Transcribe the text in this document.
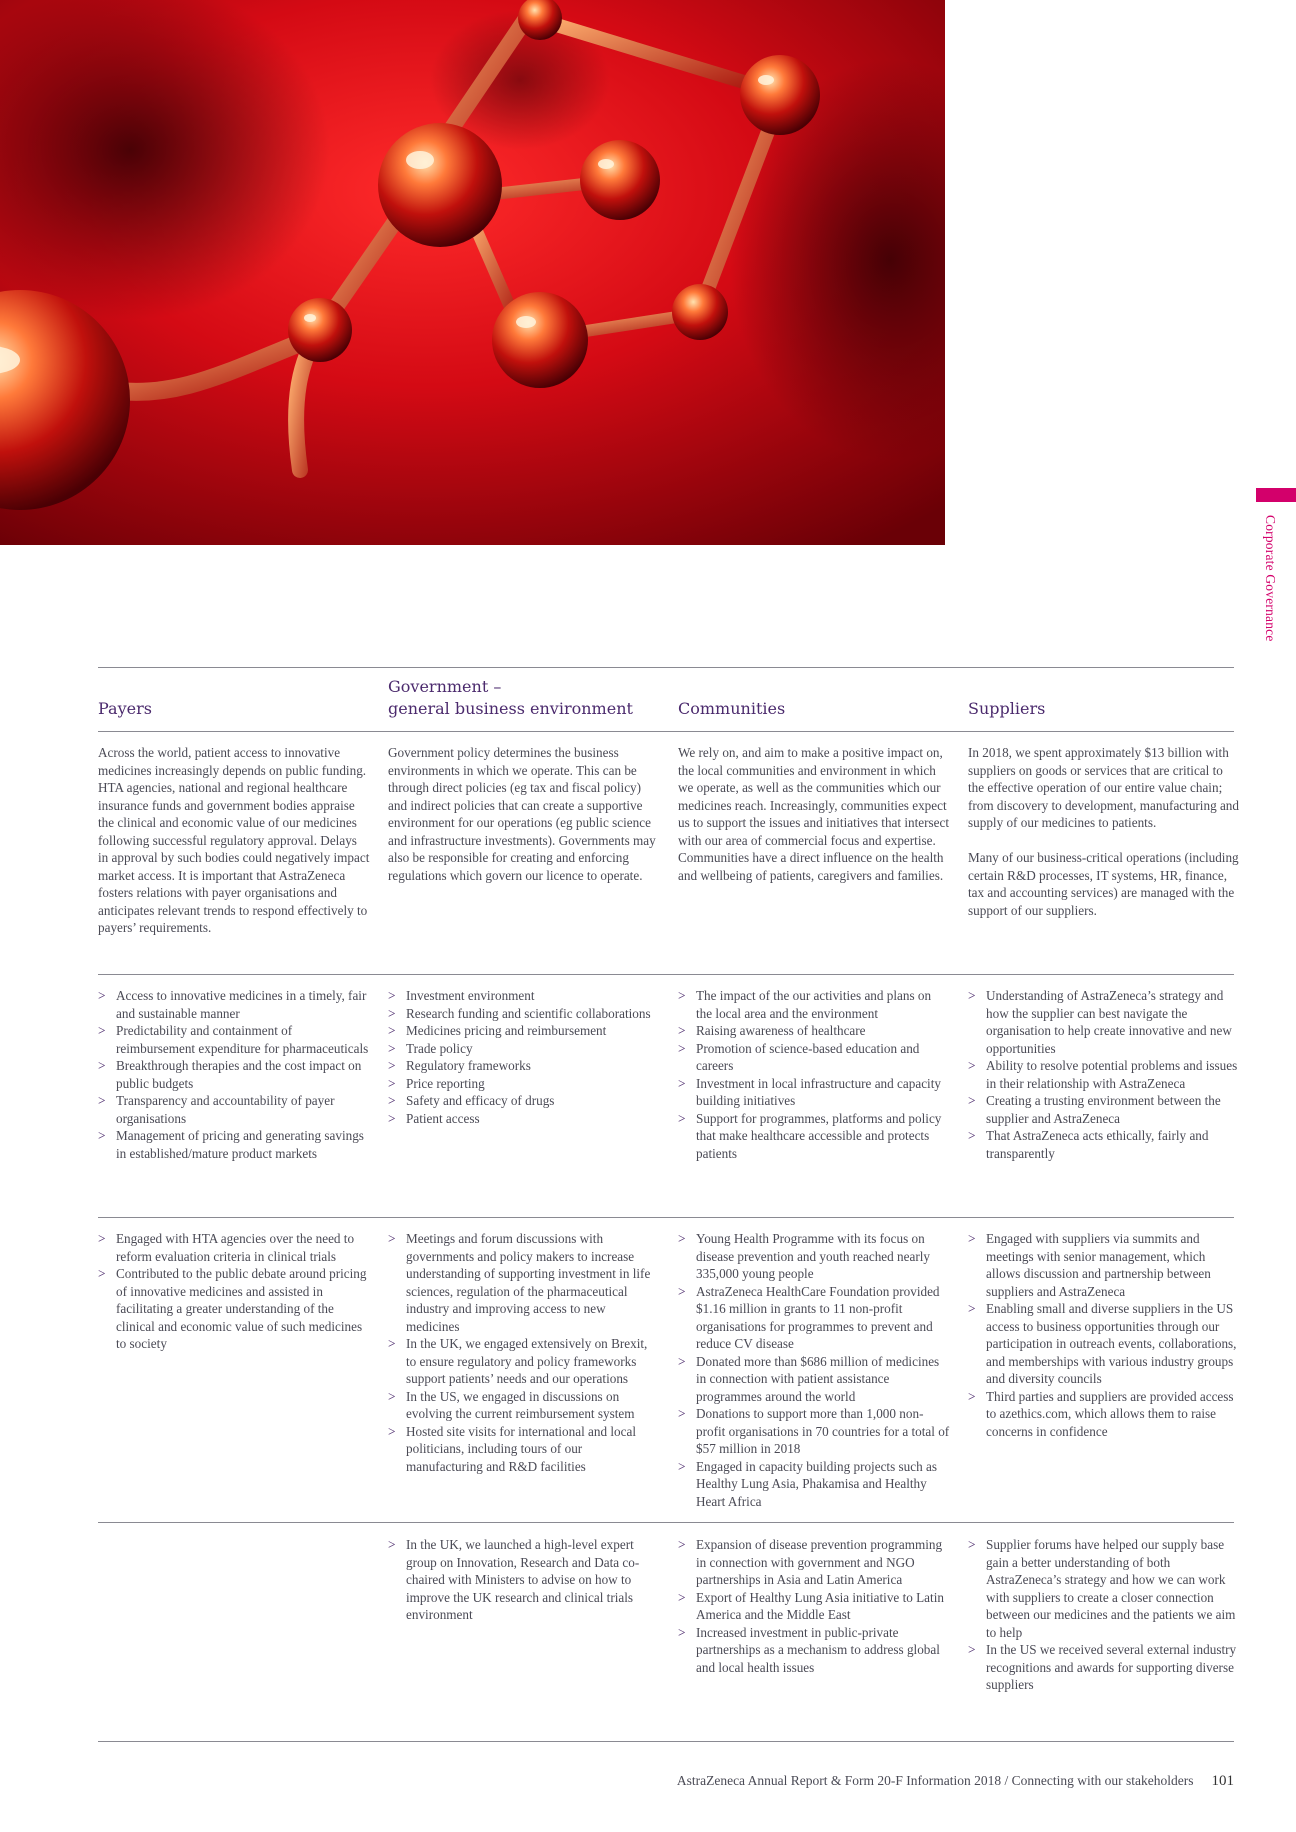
Corporate Governance
Payers
Government –
general business environment	Communities	Suppliers

Across the world, patient access to innovative medicines increasingly depends on public funding. HTA agencies, national and regional healthcare insurance funds and government bodies appraise the clinical and economic value of our medicines following successful regulatory approval. Delays in approval by such bodies could negatively impact market access. It is important that AstraZeneca fosters relations with payer organisations and anticipates relevant trends to respond effectively to payers’ requirements.

Government policy determines the business environments in which we operate. This can be through direct policies (eg tax and fiscal policy) and indirect policies that can create a supportive environment for our operations (eg public science and infrastructure investments). Governments may also be responsible for creating and enforcing regulations which govern our licence to operate.

We rely on, and aim to make a positive impact on, the local communities and environment in which we operate, as well as the communities which our medicines reach. Increasingly, communities expect us to support the issues and initiatives that intersect with our area of commercial focus and expertise. Communities have a direct influence on the health and wellbeing of patients, caregivers and families.

In 2018, we spent approximately $13 billion with suppliers on goods or services that are critical to the effective operation of our entire value chain; from discovery to development, manufacturing and supply of our medicines to patients.

Many of our business-critical operations (including certain R&D processes, IT systems, HR, finance, tax and accounting services) are managed with the support of our suppliers.

> Access to innovative medicines in a timely, fair and sustainable manner
> Predictability and containment of reimbursement expenditure for pharmaceuticals
> Breakthrough therapies and the cost impact on public budgets
> Transparency and accountability of payer organisations
> Management of pricing and generating savings in established/mature product markets
> Investment environment
> Research funding and scientific collaborations
> Medicines pricing and reimbursement
> Trade policy
> Regulatory frameworks
> Price reporting
> Safety and efficacy of drugs
> Patient access
> The impact of the our activities and plans on the local area and the environment
> Raising awareness of healthcare
> Promotion of science-based education and careers
> Investment in local infrastructure and capacity building initiatives
> Support for programmes, platforms and policy that make healthcare accessible and protects patients
> Understanding of AstraZeneca’s strategy and how the supplier can best navigate the organisation to help create innovative and new opportunities
> Ability to resolve potential problems and issues in their relationship with AstraZeneca
> Creating a trusting environment between the supplier and AstraZeneca
> That AstraZeneca acts ethically, fairly and transparently
> Engaged with HTA agencies over the need to reform evaluation criteria in clinical trials
> Contributed to the public debate around pricing of innovative medicines and assisted in facilitating a greater understanding of the clinical and economic value of such medicines to society
> Meetings and forum discussions with governments and policy makers to increase understanding of supporting investment in life sciences, regulation of the pharmaceutical industry and improving access to new medicines
> In the UK, we engaged extensively on Brexit, to ensure regulatory and policy frameworks support patients’ needs and our operations
> In the US, we engaged in discussions on evolving the current reimbursement system
> Hosted site visits for international and local politicians, including tours of our manufacturing and R&D facilities
> Young Health Programme with its focus on disease prevention and youth reached nearly 335,000 young people
> AstraZeneca HealthCare Foundation provided $1.16 million in grants to 11 non-profit organisations for programmes to prevent and reduce CV disease
> Donated more than $686 million of medicines in connection with patient assistance programmes around the world
> Donations to support more than 1,000 non-profit organisations in 70 countries for a total of $57 million in 2018
> Engaged in capacity building projects such as Healthy Lung Asia, Phakamisa and Healthy Heart Africa
> Engaged with suppliers via summits and meetings with senior management, which allows discussion and partnership between suppliers and AstraZeneca
> Enabling small and diverse suppliers in the US access to business opportunities through our participation in outreach events, collaborations, and memberships with various industry groups and diversity councils
> Third parties and suppliers are provided access to azethics.com, which allows them to raise concerns in confidence
> In the UK, we launched a high-level expert group on Innovation, Research and Data co-chaired with Ministers to advise on how to improve the UK research and clinical trials environment
> Expansion of disease prevention programming in connection with government and NGO partnerships in Asia and Latin America
> Export of Healthy Lung Asia initiative to Latin America and the Middle East
> Increased investment in public-private partnerships as a mechanism to address global and local health issues
> Supplier forums have helped our supply base gain a better understanding of both AstraZeneca’s strategy and how we can work with suppliers to create a closer connection between our medicines and the patients we aim to help
> In the US we received several external industry recognitions and awards for supporting diverse suppliers
AstraZeneca Annual Report & Form 20-F Information 2018 / Connecting with our stakeholders 101
